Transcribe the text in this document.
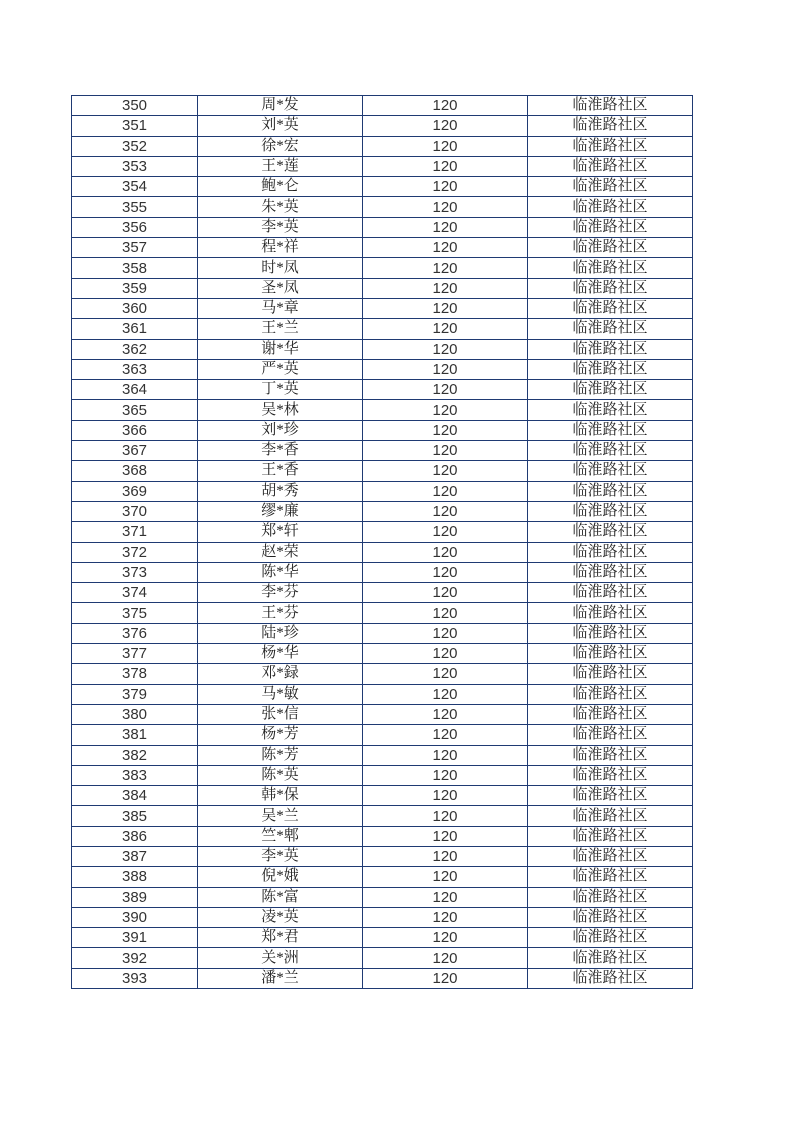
350	周*发	120	临淮路社区
351	刘*英	120	临淮路社区
352	徐*宏	120	临淮路社区
353	王*莲	120	临淮路社区
354	鲍*仑	120	临淮路社区
355	朱*英	120	临淮路社区
356	李*英	120	临淮路社区
357	程*祥	120	临淮路社区
358	时*凤	120	临淮路社区
359	圣*凤	120	临淮路社区
360	马*章	120	临淮路社区
361	王*兰	120	临淮路社区
362	谢*华	120	临淮路社区
363	严*英	120	临淮路社区
364	丁*英	120	临淮路社区
365	吴*林	120	临淮路社区
366	刘*珍	120	临淮路社区
367	李*香	120	临淮路社区
368	王*香	120	临淮路社区
369	胡*秀	120	临淮路社区
370	缪*廉	120	临淮路社区
371	郑*轩	120	临淮路社区
372	赵*荣	120	临淮路社区
373	陈*华	120	临淮路社区
374	李*芬	120	临淮路社区
375	王*芬	120	临淮路社区
376	陆*珍	120	临淮路社区
377	杨*华	120	临淮路社区
378	邓*録	120	临淮路社区
379	马*敏	120	临淮路社区
380	张*信	120	临淮路社区
381	杨*芳	120	临淮路社区
382	陈*芳	120	临淮路社区
383	陈*英	120	临淮路社区
384	韩*保	120	临淮路社区
385	吴*兰	120	临淮路社区
386	竺*郫	120	临淮路社区
387	李*英	120	临淮路社区
388	倪*娥	120	临淮路社区
389	陈*富	120	临淮路社区
390	凌*英	120	临淮路社区
391	郑*君	120	临淮路社区
392	关*洲	120	临淮路社区
393	潘*兰	120	临淮路社区
